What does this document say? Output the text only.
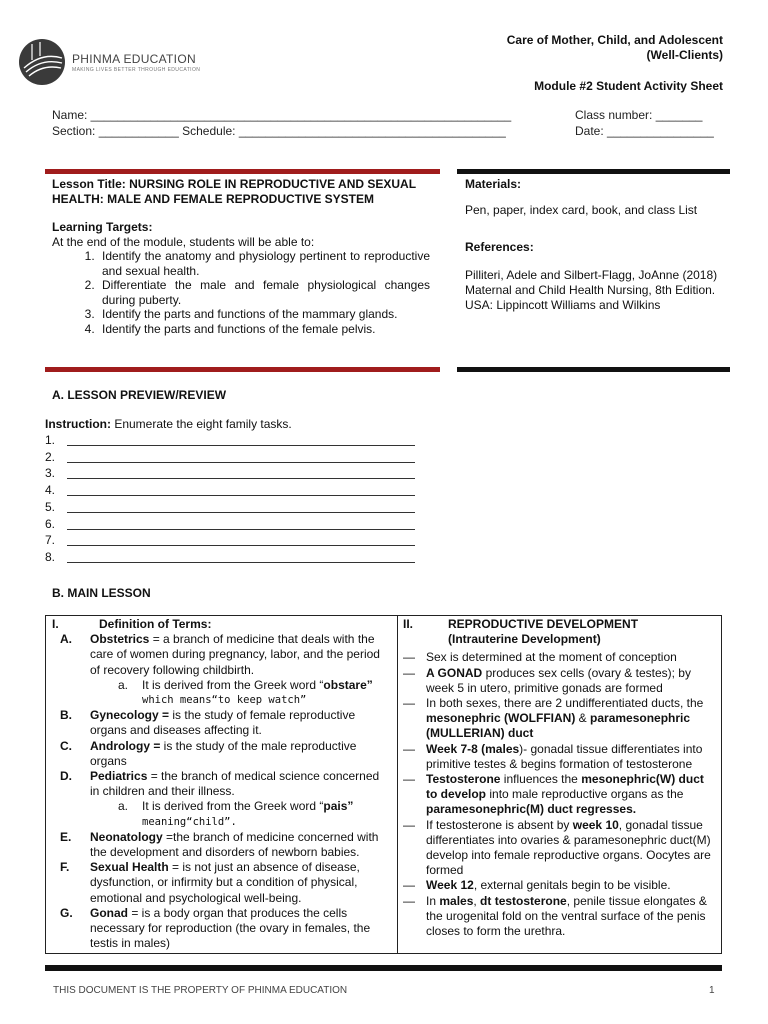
PHINMA EDUCATION
MAKING LIVES BETTER THROUGH EDUCATION
Care of Mother, Child, and Adolescent
(Well-Clients)
Module #2 Student Activity Sheet
Name: _______________________________________________________________	Class number: _______
Section: ____________ Schedule: ________________________________________	Date: ________________
Lesson Title: NURSING ROLE IN REPRODUCTIVE AND SEXUAL HEALTH: MALE AND FEMALE REPRODUCTIVE SYSTEM
Learning Targets:
At the end of the module, students will be able to:
1. Identify the anatomy and physiology pertinent to reproductive and sexual health.
2. Differentiate the male and female physiological changes during puberty.
3. Identify the parts and functions of the mammary glands.
4. Identify the parts and functions of the female pelvis.

Materials:

Pen, paper, index card, book, and class List

References:

Pilliteri, Adele and Silbert-Flagg, JoAnne (2018) Maternal and Child Health Nursing, 8th Edition. USA: Lippincott Williams and Wilkins

A. LESSON PREVIEW/REVIEW
Instruction: Enumerate the eight family tasks.
1.
2.
3.
4.
5.
6.
7.
8.
B. MAIN LESSON
I.	Definition of Terms:
A.	Obstetrics = a branch of medicine that deals with the care of women during pregnancy, labor, and the period of recovery following childbirth.
a.	It is derived from the Greek word “obstare”
which means“to keep watch”
B.	Gynecology = is the study of female reproductive organs and diseases affecting it.
C.	Andrology = is the study of the male reproductive organs
D.	Pediatrics = the branch of medical science concerned in children and their illness.
a.	It is derived from the Greek word “pais”
meaning“child”.
E.	Neonatology =the branch of medicine concerned with the development and disorders of newborn babies.
F.	Sexual Health = is not just an absence of disease, dysfunction, or infirmity but a condition of physical, emotional and psychological well-being.
G.	Gonad = is a body organ that produces the cells necessary for reproduction (the ovary in females, the testis in males)
II.	REPRODUCTIVE DEVELOPMENT
(Intrauterine Development)
— Sex is determined at the moment of conception
— A GONAD produces sex cells (ovary & testes); by week 5 in utero, primitive gonads are formed
— In both sexes, there are 2 undifferentiated ducts, the mesonephric (WOLFFIAN) & paramesonephric (MULLERIAN) duct
— Week 7-8 (males)- gonadal tissue differentiates into primitive testes & begins formation of testosterone
— Testosterone influences the mesonephric(W) duct to develop into male reproductive organs as the paramesonephric(M) duct regresses.
— If testosterone is absent by week 10, gonadal tissue differentiates into ovaries & paramesonephric duct(M) develop into female reproductive organs. Oocytes are formed
— Week 12, external genitals begin to be visible.
— In males, dt testosterone, penile tissue elongates & the urogenital fold on the ventral surface of the penis closes to form the urethra.
THIS DOCUMENT IS THE PROPERTY OF PHINMA EDUCATION	1
